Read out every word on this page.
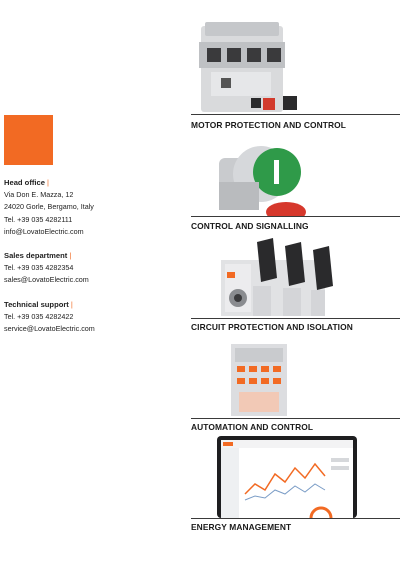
Head office |
Via Don E. Mazza, 12
24020 Gorle, Bergamo, Italy
Tel. +39 035 4282111
info@LovatoElectric.com
Sales department |
Tel. +39 035 4282354
sales@LovatoElectric.com
Technical support |
Tel. +39 035 4282422
service@LovatoElectric.com
MOTOR PROTECTION AND CONTROL
CONTROL AND SIGNALLING
CIRCUIT PROTECTION AND ISOLATION
AUTOMATION AND CONTROL
ENERGY MANAGEMENT
